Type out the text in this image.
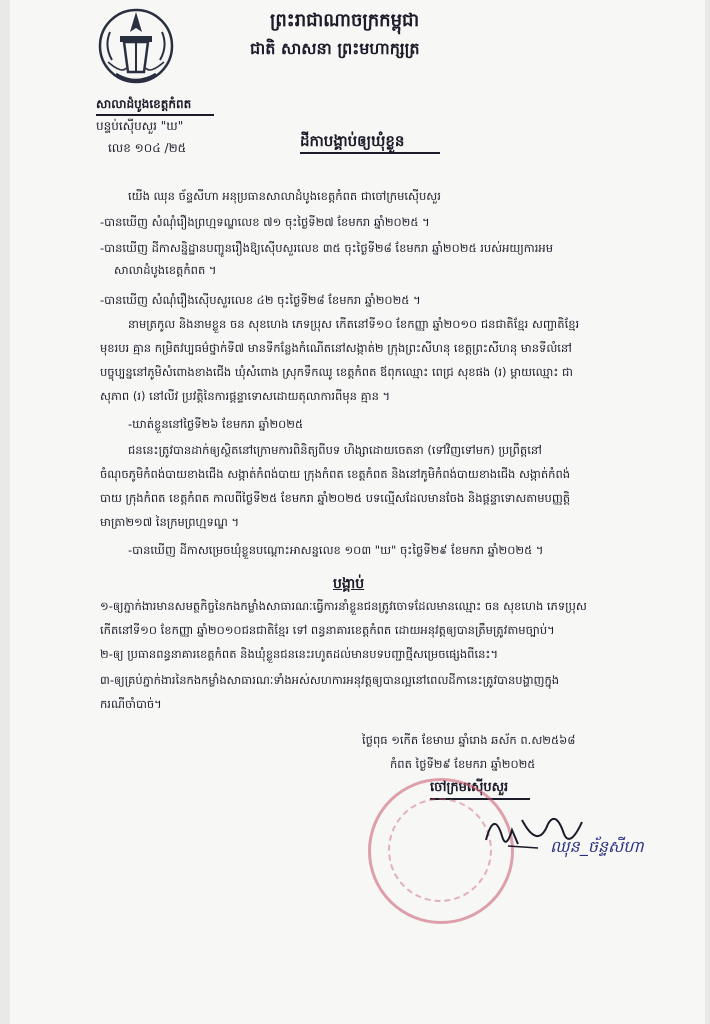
ព្រះរាជាណាចក្រកម្ពុជា
ជាតិ សាសនា ព្រះមហាក្សត្រ
សាលាដំបូងខេត្តកំពត
បន្ទប់ស៊ើបសួរ "ឃ"
លេខ ១០៤ /២៥	ដីកាបង្គាប់ឲ្យឃុំខ្លួន
យើង ឈុន ច័ន្ទសីហា អនុប្រធានសាលាដំបូងខេត្តកំពត ជាចៅក្រមស៊ើបសួរ
-បានឃើញ សំណុំរឿងព្រហ្មទណ្ឌលេខ ៧១ ចុះថ្ងៃទី២៧ ខែមករា ឆ្នាំ២០២៥ ។
-បានឃើញ ដីកាសន្និដ្ឋានបញ្ជូនរឿងឱ្យស៊ើបសួរលេខ ៣៥ ចុះថ្ងៃទី២៨ ខែមករា ឆ្នាំ២០២៥ របស់អយ្យការអម
សាលាដំបូងខេត្តកំពត ។
-បានឃើញ សំណុំរឿងស៊ើបសួរលេខ ៤២ ចុះថ្ងៃទី២៨ ខែមករា ឆ្នាំ២០២៥ ។
នាមត្រកូល និងនាមខ្លួន ចន សុខហេង ភេទប្រុស កើតនៅទី១០ ខែកញ្ញា ឆ្នាំ២០១០ ជនជាតិខ្មែរ សញ្ជាតិខ្មែរ
មុខរបរ គ្មាន កម្រិតវប្បធម៌ថ្នាក់ទី៧ មានទីកន្លែងកំណើតនៅសង្កាត់២ ក្រុងព្រះសីហនុ ខេត្តព្រះសីហនុ មានទីលំនៅ
បច្ចុប្បន្ននៅភូមិសំពោងខាងជើង ឃុំសំពោង ស្រុកទឹកឈូ ខេត្តកំពត ឪពុកឈ្មោះ ពេជ្រ សុខផង (រ) ម្ដាយឈ្មោះ ជា
សុភាព (រ) នៅលីវ ប្រវត្តិនៃការផ្ដន្ទាទោសដោយតុលាការពីមុន គ្មាន ។
-ឃាត់ខ្លួននៅថ្ងៃទី២៦ ខែមករា ឆ្នាំ២០២៥
ជននេះត្រូវបានដាក់ឲ្យស្ថិតនៅក្រោមការពិនិត្យពីបទ ហិង្សាដោយចេតនា (ទៅវិញទៅមក) ប្រព្រឹត្តនៅ
ចំណុចភូមិកំពង់បាយខាងជើង សង្កាត់កំពង់បាយ ក្រុងកំពត ខេត្តកំពត និងនៅភូមិកំពង់បាយខាងជើង សង្កាត់កំពង់
បាយ ក្រុងកំពត ខេត្តកំពត កាលពីថ្ងៃទី២៥ ខែមករា ឆ្នាំ២០២៥ បទល្មើសដែលមានចែង និងផ្ដន្ទាទោសតាមបញ្ញត្តិ
មាត្រា២១៧ នៃក្រមព្រហ្មទណ្ឌ ។
-បានឃើញ ដីកាសម្រេចឃុំខ្លួនបណ្ដោះអាសន្នលេខ ១០៣ "ឃ" ចុះថ្ងៃទី២៩ ខែមករា ឆ្នាំ២០២៥ ។
បង្គាប់
១-ឲ្យភ្នាក់ងារមានសមត្ថកិច្ចនៃកងកម្លាំងសាធារណៈធ្វើការនាំខ្លួនជនត្រូវចោទដែលមានឈ្មោះ ចន សុខហេង ភេទប្រុស
កើតនៅទី១០ ខែកញ្ញា ឆ្នាំ២០១០ជនជាតិខ្មែរ ទៅ ពន្ធនាគារខេត្តកំពត ដោយអនុវត្តឲ្យបានត្រឹមត្រូវតាមច្បាប់។
២-ឲ្យ ប្រធានពន្ធនាគារខេត្តកំពត និងឃុំខ្លួនជននេះរហូតដល់មានបទបញ្ជាថ្មីសម្រេចផ្សេងពីនេះ។
៣-ឲ្យគ្រប់ភ្នាក់ងារនៃកងកម្លាំងសាធារណៈទាំងអស់សហការអនុវត្តឲ្យបានល្អនៅពេលដីកានេះត្រូវបានបង្ហាញក្នុង
ករណីចាំបាច់។
ថ្ងៃពុធ ១កើត ខែមាឃ ឆ្នាំរោង ឆស័ក ព.ស២៥៦៨
កំពត ថ្ងៃទី២៩ ខែមករា ឆ្នាំ២០២៥
ចៅក្រមស៊ើបសួរ
ឈុន_ច័ន្ទសីហា
